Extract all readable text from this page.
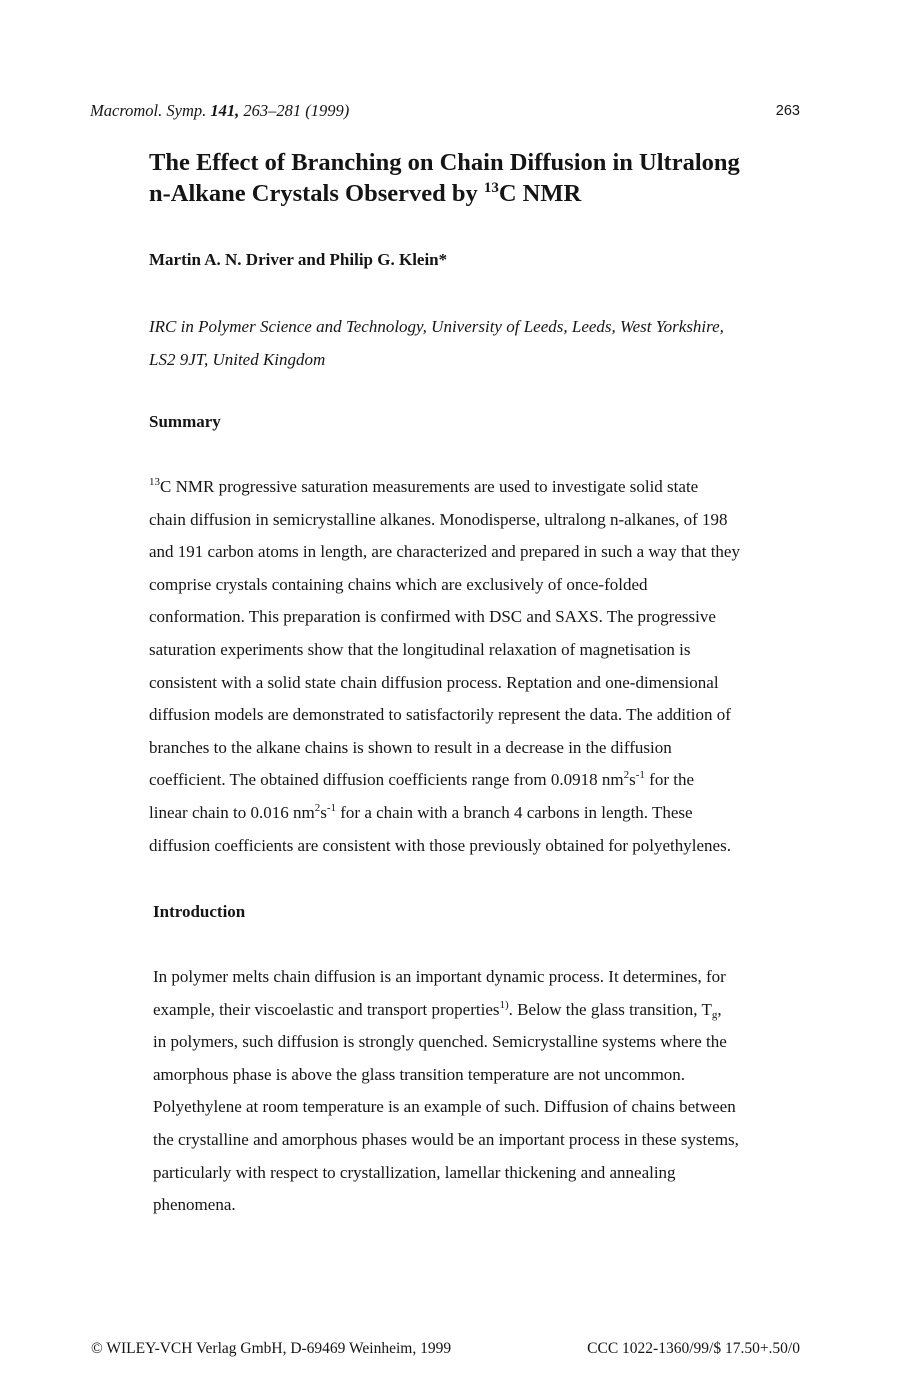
Macromol. Symp. 141, 263–281 (1999)	263
The Effect of Branching on Chain Diffusion in Ultralong
n-Alkane Crystals Observed by $^{13}$C NMR
Martin A. N. Driver and Philip G. Klein*
IRC in Polymer Science and Technology, University of Leeds, Leeds, West Yorkshire,
LS2 9JT, United Kingdom
Summary
$^{13}$C NMR progressive saturation measurements are used to investigate solid state
chain diffusion in semicrystalline alkanes. Monodisperse, ultralong n-alkanes, of 198
and 191 carbon atoms in length, are characterized and prepared in such a way that they
comprise crystals containing chains which are exclusively of once-folded
conformation. This preparation is confirmed with DSC and SAXS. The progressive
saturation experiments show that the longitudinal relaxation of magnetisation is
consistent with a solid state chain diffusion process. Reptation and one-dimensional
diffusion models are demonstrated to satisfactorily represent the data. The addition of
branches to the alkane chains is shown to result in a decrease in the diffusion
coefficient. The obtained diffusion coefficients range from 0.0918 $nm^2s^{-1}$ for the
linear chain to 0.016 $nm^2s^{-1}$ for a chain with a branch 4 carbons in length. These
diffusion coefficients are consistent with those previously obtained for polyethylenes.
Introduction
In polymer melts chain diffusion is an important dynamic process. It determines, for
example, their viscoelastic and transport properties$^{1)}$. Below the glass transition, $T_g$,
in polymers, such diffusion is strongly quenched. Semicrystalline systems where the
amorphous phase is above the glass transition temperature are not uncommon.
Polyethylene at room temperature is an example of such. Diffusion of chains between
the crystalline and amorphous phases would be an important process in these systems,
particularly with respect to crystallization, lamellar thickening and annealing
phenomena.
© WILEY-VCH Verlag GmbH, D-69469 Weinheim, 1999	CCC 1022-1360/99/$ 17.50+.50/0
